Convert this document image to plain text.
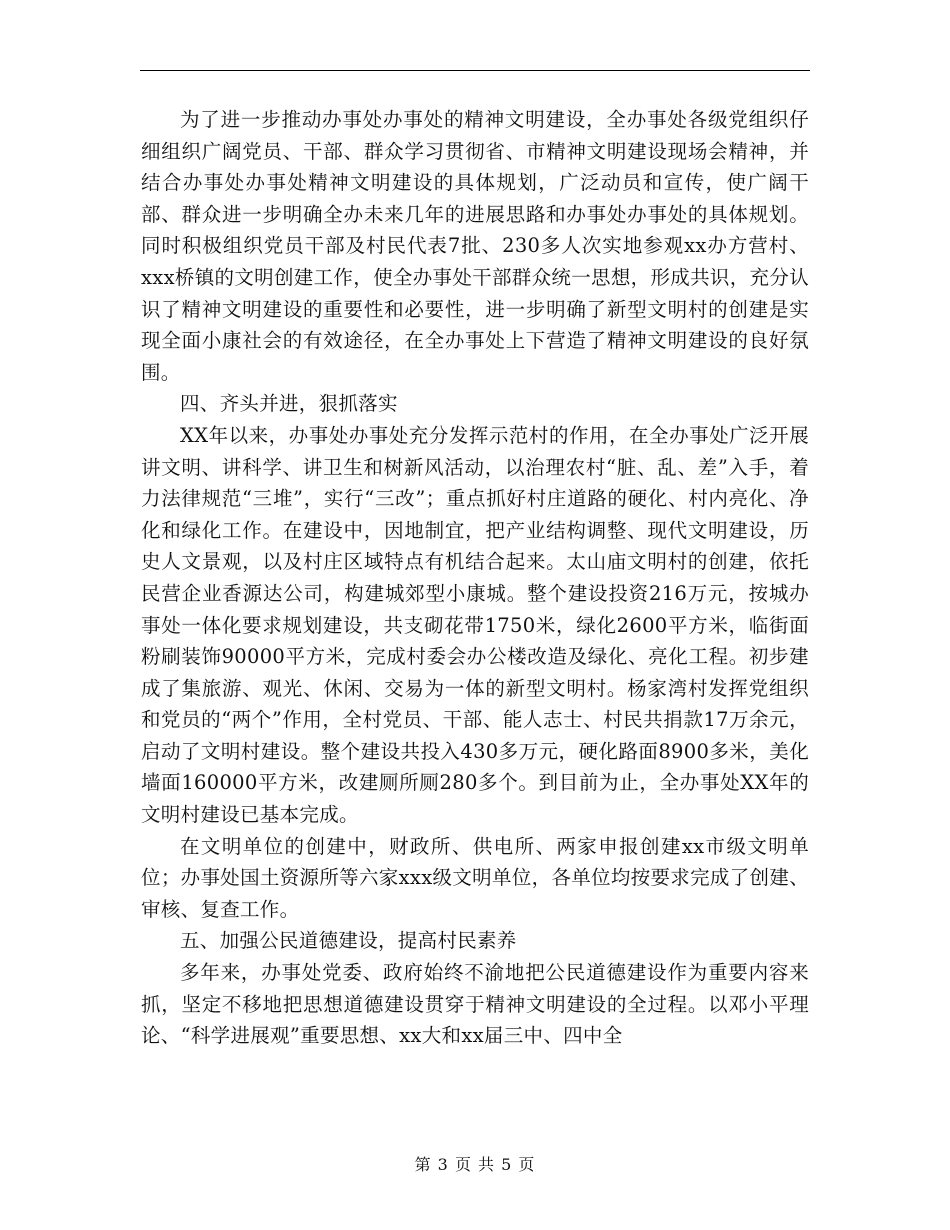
为了进一步推动办事处办事处的精神文明建设，全办事处各级党组织仔细组织广阔党员、干部、群众学习贯彻省、市精神文明建设现场会精神，并结合办事处办事处精神文明建设的具体规划，广泛动员和宣传，使广阔干部、群众进一步明确全办未来几年的进展思路和办事处办事处的具体规划。同时积极组织党员干部及村民代表7批、230多人次实地参观xx办方营村、xxx桥镇的文明创建工作，使全办事处干部群众统一思想，形成共识，充分认识了精神文明建设的重要性和必要性，进一步明确了新型文明村的创建是实现全面小康社会的有效途径，在全办事处上下营造了精神文明建设的良好氛围。

四、齐头并进，狠抓落实

XX年以来，办事处办事处充分发挥示范村的作用，在全办事处广泛开展讲文明、讲科学、讲卫生和树新风活动，以治理农村“脏、乱、差”入手，着力法律规范“三堆”，实行“三改”；重点抓好村庄道路的硬化、村内亮化、净化和绿化工作。在建设中，因地制宜，把产业结构调整、现代文明建设，历史人文景观，以及村庄区域特点有机结合起来。太山庙文明村的创建，依托民营企业香源达公司，构建城郊型小康城。整个建设投资216万元，按城办事处一体化要求规划建设，共支砌花带1750米，绿化2600平方米，临街面粉刷装饰90000平方米，完成村委会办公楼改造及绿化、亮化工程。初步建成了集旅游、观光、休闲、交易为一体的新型文明村。杨家湾村发挥党组织和党员的“两个”作用，全村党员、干部、能人志士、村民共捐款17万余元，启动了文明村建设。整个建设共投入430多万元，硬化路面8900多米，美化墙面160000平方米，改建厕所厕280多个。到目前为止，全办事处XX年的文明村建设已基本完成。

在文明单位的创建中，财政所、供电所、两家申报创建xx市级文明单位；办事处国土资源所等六家xxx级文明单位，各单位均按要求完成了创建、审核、复查工作。

五、加强公民道德建设，提高村民素养

多年来，办事处党委、政府始终不渝地把公民道德建设作为重要内容来抓，坚定不移地把思想道德建设贯穿于精神文明建设的全过程。以邓小平理论、“科学进展观”重要思想、xx大和xx届三中、四中全

第 3 页 共 5 页
